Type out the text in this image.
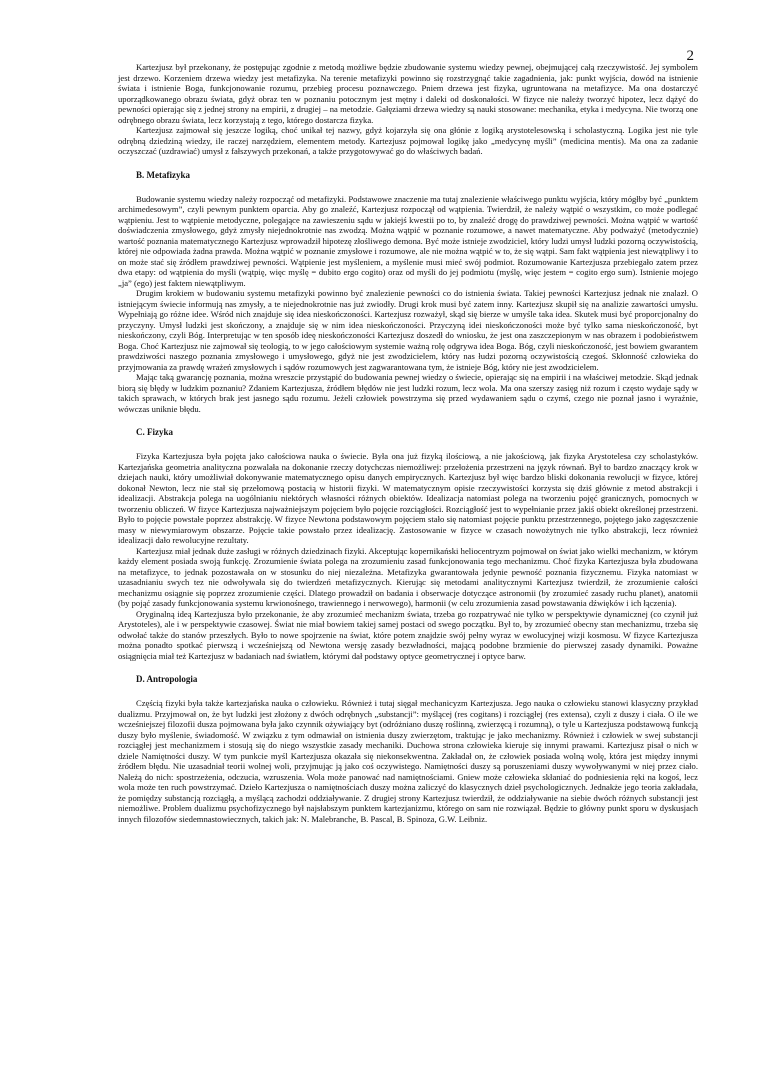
2

Kartezjusz był przekonany, że postępując zgodnie z metodą możliwe będzie zbudowanie systemu wiedzy pewnej, obejmującej całą rzeczywistość. Jej symbolem jest drzewo. Korzeniem drzewa wiedzy jest metafizyka. Na terenie metafizyki powinno się rozstrzygnąć takie zagadnienia, jak: punkt wyjścia, dowód na istnienie świata i istnienie Boga, funkcjonowanie rozumu, przebieg procesu poznawczego. Pniem drzewa jest fizyka, ugruntowana na metafizyce. Ma ona dostarczyć uporządkowanego obrazu świata, gdyż obraz ten w poznaniu potocznym jest mętny i daleki od doskonałości. W fizyce nie należy tworzyć hipotez, lecz dążyć do pewności opierając się z jednej strony na empirii, z drugiej – na metodzie. Gałęziami drzewa wiedzy są nauki stosowane: mechanika, etyka i medycyna. Nie tworzą one odrębnego obrazu świata, lecz korzystają z tego, którego dostarcza fizyka.

Kartezjusz zajmował się jeszcze logiką, choć unikał tej nazwy, gdyż kojarzyła się ona głónie z logiką arystotelesowską i scholastyczną. Logika jest nie tyle odrębną dziedziną wiedzy, ile raczej narzędziem, elementem metody. Kartezjusz pojmował logikę jako „medycynę myśli” (medicina mentis). Ma ona za zadanie oczyszczać (uzdrawiać) umysł z fałszywych przekonań, a także przygotowywać go do właściwych badań.

B. Metafizyka

Budowanie systemu wiedzy należy rozpocząć od metafizyki. Podstawowe znaczenie ma tutaj znalezienie właściwego punktu wyjścia, który mógłby być „punktem archimedesowym”, czyli pewnym punktem oparcia. Aby go znaleźć, Kartezjusz rozpoczął od wątpienia. Twierdził, że należy wątpić o wszystkim, co może podlegać wątpieniu. Jest to wątpienie metodyczne, polegające na zawieszeniu sądu w jakiejś kwestii po to, by znaleźć drogę do prawdziwej pewności. Można wątpić w wartość doświadczenia zmysłowego, gdyż zmysły niejednokrotnie nas zwodzą. Można wątpić w poznanie rozumowe, a nawet matematyczne. Aby podważyć (metodycznie) wartość poznania matematycznego Kartezjusz wprowadził hipotezę złośliwego demona. Być może istnieje zwodziciel, który ludzi umysł ludzki pozorną oczywistością, której nie odpowiada żadna prawda. Można wątpić w poznanie zmysłowe i rozumowe, ale nie można wątpić w to, że się wątpi. Sam fakt wątpienia jest niewątpliwy i to on może stać się źródłem prawdziwej pewności. Wątpienie jest myśleniem, a myślenie musi mieć swój podmiot. Rozumowanie Kartezjusza przebiegało zatem przez dwa etapy: od wątpienia do myśli (wątpię, więc myślę = dubito ergo cogito) oraz od myśli do jej podmiotu (myślę, więc jestem = cogito ergo sum). Istnienie mojego „ja” (ego) jest faktem niewątpliwym.

Drugim krokiem w budowaniu systemu metafizyki powinno być znalezienie pewności co do istnienia świata. Takiej pewności Kartezjusz jednak nie znalazł. O istniejącym świecie informują nas zmysły, a te niejednokrotnie nas już zwiodły. Drugi krok musi być zatem inny. Kartezjusz skupił się na analizie zawartości umysłu. Wypełniają go różne idee. Wśród nich znajduje się idea nieskończoności. Kartezjusz rozważył, skąd się bierze w umyśle taka idea. Skutek musi być proporcjonalny do przyczyny. Umysł ludzki jest skończony, a znajduje się w nim idea nieskończoności. Przyczyną idei nieskończoności może być tylko sama nieskończoność, byt nieskończony, czyli Bóg. Interpretując w ten sposób ideę nieskończoności Kartezjusz doszedł do wniosku, że jest ona zaszczepionym w nas obrazem i podobieństwem Boga. Choć Kartezjusz nie zajmował się teologią, to w jego całościowym systemie ważną rolę odgrywa idea Boga. Bóg, czyli nieskończoność, jest bowiem gwarantem prawdziwości naszego poznania zmysłowego i umysłowego, gdyż nie jest zwodzicielem, który nas łudzi pozorną oczywistością czegoś. Skłonność człowieka do przyjmowania za prawdę wrażeń zmysłowych i sądów rozumowych jest zagwarantowana tym, że istnieje Bóg, który nie jest zwodzicielem.

Mając taką gwarancję poznania, można wreszcie przystąpić do budowania pewnej wiedzy o świecie, opierając się na empirii i na właściwej metodzie. Skąd jednak biorą się błędy w ludzkim poznaniu? Zdaniem Kartezjusza, źródłem błędów nie jest ludzki rozum, lecz wola. Ma ona szerszy zasięg niż rozum i często wydaje sądy w takich sprawach, w których brak jest jasnego sądu rozumu. Jeżeli człowiek powstrzyma się przed wydawaniem sądu o czymś, czego nie poznał jasno i wyraźnie, wówczas uniknie błędu.

C. Fizyka

Fizyka Kartezjusza była pojęta jako całościowa nauka o świecie. Była ona już fizyką ilościową, a nie jakościową, jak fizyka Arystotelesa czy scholastyków. Kartezjańska geometria analityczna pozwalała na dokonanie rzeczy dotychczas niemożliwej: przełożenia przestrzeni na język równań. Był to bardzo znaczący krok w dziejach nauki, który umożliwiał dokonywanie matematycznego opisu danych empirycznych. Kartezjusz był więc bardzo bliski dokonania rewolucji w fizyce, której dokonał Newton, lecz nie stał się przełomową postacią w historii fizyki. W matematycznym opisie rzeczywistości korzysta się dziś głównie z metod abstrakcji i idealizacji. Abstrakcja polega na uogólnianiu niektórych własności różnych obiektów. Idealizacja natomiast polega na tworzeniu pojęć granicznych, pomocnych w tworzeniu obliczeń. W fizyce Kartezjusza najważniejszym pojęciem było pojęcie rozciągłości. Rozciągłość jest to wypełnianie przez jakiś obiekt określonej przestrzeni. Było to pojęcie powstałe poprzez abstrakcję. W fizyce Newtona podstawowym pojęciem stało się natomiast pojęcie punktu przestrzennego, pojętego jako zagęszczenie masy w niewymiarowym obszarze. Pojęcie takie powstało przez idealizację. Zastosowanie w fizyce w czasach nowożytnych nie tylko abstrakcji, lecz również idealizacji dało rewolucyjne rezultaty.

Kartezjusz miał jednak duże zasługi w różnych dziedzinach fizyki. Akceptując kopernikański heliocentryzm pojmował on świat jako wielki mechanizm, w którym każdy element posiada swoją funkcję. Zrozumienie świata polega na zrozumieniu zasad funkcjonowania tego mechanizmu. Choć fizyka Kartezjusza była zbudowana na metafizyce, to jednak pozostawała on w stosunku do niej niezależna. Metafizyka gwarantowała jedynie pewność poznania fizycznemu. Fizyka natomiast w uzasadnianiu swych tez nie odwoływała się do twierdzeń metafizycznych. Kierując się metodami analitycznymi Kartezjusz twierdził, że zrozumienie całości mechanizmu osiągnie się poprzez zrozumienie części. Dlatego prowadził on badania i obserwacje dotyczące astronomii (by zrozumieć zasady ruchu planet), anatomii (by pojąć zasady funkcjonowania systemu krwionośnego, trawiennego i nerwowego), harmonii (w celu zrozumienia zasad powstawania dźwięków i ich łączenia).

Oryginalną ideą Kartezjusza było przekonanie, że aby zrozumieć mechanizm świata, trzeba go rozpatrywać nie tylko w perspektywie dynamicznej (co czynił już Arystoteles), ale i w perspektywie czasowej. Świat nie miał bowiem takiej samej postaci od swego początku. Był to, by zrozumieć obecny stan mechanizmu, trzeba się odwołać także do stanów przeszłych. Było to nowe spojrzenie na świat, które potem znajdzie swój pełny wyraz w ewolucyjnej wizji kosmosu. W fizyce Kartezjusza można ponadto spotkać pierwszą i wcześniejszą od Newtona wersję zasady bezwładności, mającą podobne brzmienie do pierwszej zasady dynamiki. Poważne osiągnięcia miał też Kartezjusz w badaniach nad światłem, którymi dał podstawy optyce geometrycznej i optyce barw.

D. Antropologia

Częścią fizyki była także kartezjańska nauka o człowieku. Również i tutaj sięgał mechanicyzm Kartezjusza. Jego nauka o człowieku stanowi klasyczny przykład dualizmu. Przyjmował on, że byt ludzki jest złożony z dwóch odrębnych „substancji”: myślącej (res cogitans) i rozciągłej (res extensa), czyli z duszy i ciała. O ile we wcześniejszej filozofii dusza pojmowana była jako czynnik ożywiający byt (odróżniano duszę roślinną, zwierzęcą i rozumną), o tyle u Kartezjusza podstawową funkcją duszy było myślenie, świadomość. W związku z tym odmawiał on istnienia duszy zwierzętom, traktując je jako mechanizmy. Również i człowiek w swej substancji rozciągłej jest mechanizmem i stosują się do niego wszystkie zasady mechaniki. Duchowa strona człowieka kieruje się innymi prawami. Kartezjusz pisał o nich w dziele Namiętności duszy. W tym punkcie myśl Kartezjusza okazała się niekonsekwentna. Zakładał on, że człowiek posiada wolną wolę, która jest między innymi źródłem błędu. Nie uzasadniał teorii wolnej woli, przyjmując ją jako coś oczywistego. Namiętności duszy są poruszeniami duszy wywoływanymi w niej przez ciało. Należą do nich: spostrzeżenia, odczucia, wzruszenia. Wola może panować nad namiętnościami. Gniew może człowieka skłaniać do podniesienia ręki na kogoś, lecz wola może ten ruch powstrzymać. Dzieło Kartezjusza o namiętnościach duszy można zaliczyć do klasycznych dzieł psychologicznych. Jednakże jego teoria zakładała, że pomiędzy substancją rozciągłą, a myślącą zachodzi oddziaływanie. Z drugiej strony Kartezjusz twierdził, że oddziaływanie na siebie dwóch różnych substancji jest niemożliwe. Problem dualizmu psychofizycznego był najsłabszym punktem kartezjanizmu, którego on sam nie rozwiązał. Będzie to główny punkt sporu w dyskusjach innych filozofów siedemnastowiecznych, takich jak: N. Malebranche, B. Pascal, B. Spinoza, G.W. Leibniz.
